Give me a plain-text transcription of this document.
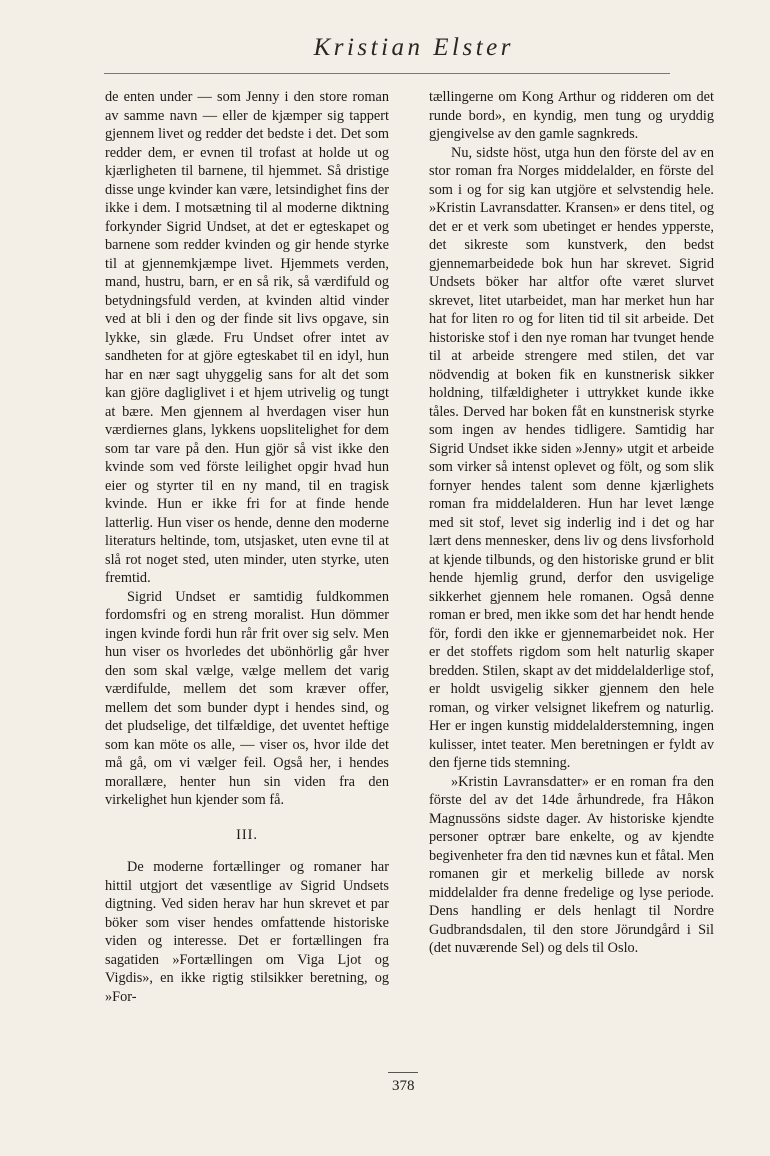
Kristian Elster

de enten under — som Jenny i den store roman av samme navn — eller de kjæmper sig tappert gjennem livet og redder det bedste i det. Det som redder dem, er evnen til trofast at holde ut og kjærligheten til barnene, til hjemmet. Så dristige disse unge kvinder kan være, letsindighet fins der ikke i dem. I motsætning til al moderne diktning forkynder Sigrid Undset, at det er egteskapet og barnene som redder kvinden og gir hende styrke til at gjennemkjæmpe livet. Hjemmets verden, mand, hustru, barn, er en så rik, så værdifuld og betydningsfuld verden, at kvinden altid vinder ved at bli i den og der finde sit livs opgave, sin lykke, sin glæde. Fru Undset ofrer intet av sandheten for at gjöre egteskabet til en idyl, hun har en nær sagt uhyggelig sans for alt det som kan gjöre dagliglivet i et hjem utrivelig og tungt at bære. Men gjennem al hverdagen viser hun værdiernes glans, lykkens uopslitelighet for dem som tar vare på den. Hun gjör så vist ikke den kvinde som ved förste leilighet opgir hvad hun eier og styrter til en ny mand, til en tragisk kvinde. Hun er ikke fri for at finde hende latterlig. Hun viser os hende, denne den moderne literaturs heltinde, tom, utsjasket, uten evne til at slå rot noget sted, uten minder, uten styrke, uten fremtid.

Sigrid Undset er samtidig fuldkommen fordomsfri og en streng moralist. Hun dömmer ingen kvinde fordi hun rår frit over sig selv. Men hun viser os hvorledes det ubönhörlig går hver den som skal vælge, vælge mellem det varig værdifulde, mellem det som kræver offer, mellem det som bunder dypt i hendes sind, og det pludselige, det tilfældige, det uventet heftige som kan möte os alle, — viser os, hvor ilde det må gå, om vi vælger feil. Også her, i hendes morallære, henter hun sin viden fra den virkelighet hun kjender som få.

III.

De moderne fortællinger og romaner har hittil utgjort det væsentlige av Sigrid Undsets digtning. Ved siden herav har hun skrevet et par böker som viser hendes omfattende historiske viden og interesse. Det er fortællingen fra sagatiden »Fortællingen om Viga Ljot og Vigdis», en ikke rigtig stilsikker beretning, og »For-

tællingerne om Kong Arthur og ridderen om det runde bord», en kyndig, men tung og uryddig gjengivelse av den gamle sagnkreds.

Nu, sidste höst, utga hun den förste del av en stor roman fra Norges middelalder, en förste del som i og for sig kan utgjöre et selvstendig hele. »Kristin Lavransdatter. Kransen» er dens titel, og det er et verk som ubetinget er hendes ypperste, det sikreste som kunstverk, den bedst gjennemarbeidede bok hun har skrevet. Sigrid Undsets böker har altfor ofte været slurvet skrevet, litet utarbeidet, man har merket hun har hat for liten ro og for liten tid til sit arbeide. Det historiske stof i den nye roman har tvunget hende til at arbeide strengere med stilen, det var nödvendig at boken fik en kunstnerisk sikker holdning, tilfældigheter i uttrykket kunde ikke tåles. Derved har boken fåt en kunstnerisk styrke som ingen av hendes tidligere. Samtidig har Sigrid Undset ikke siden »Jenny» utgit et arbeide som virker så intenst oplevet og fölt, og som slik fornyer hendes talent som denne kjærlighets roman fra middelalderen. Hun har levet længe med sit stof, levet sig inderlig ind i det og har lært dens mennesker, dens liv og dens livsforhold at kjende tilbunds, og den historiske grund er blit hende hjemlig grund, derfor den usvigelige sikkerhet gjennem hele romanen. Også denne roman er bred, men ikke som det har hendt hende för, fordi den ikke er gjennemarbeidet nok. Her er det stoffets rigdom som helt naturlig skaper bredden. Stilen, skapt av det middelalderlige stof, er holdt usvigelig sikker gjennem den hele roman, og virker velsignet likefrem og naturlig. Her er ingen kunstig middelalderstemning, ingen kulisser, intet teater. Men beretningen er fyldt av den fjerne tids stemning.

»Kristin Lavransdatter» er en roman fra den förste del av det 14de århundrede, fra Håkon Magnussöns sidste dager. Av historiske kjendte personer optrær bare enkelte, og av kjendte begivenheter fra den tid nævnes kun et fåtal. Men romanen gir et merkelig billede av norsk middelalder fra denne fredelige og lyse periode. Dens handling er dels henlagt til Nordre Gudbrandsdalen, til den store Jörundgård i Sil (det nuværende Sel) og dels til Oslo.

378
